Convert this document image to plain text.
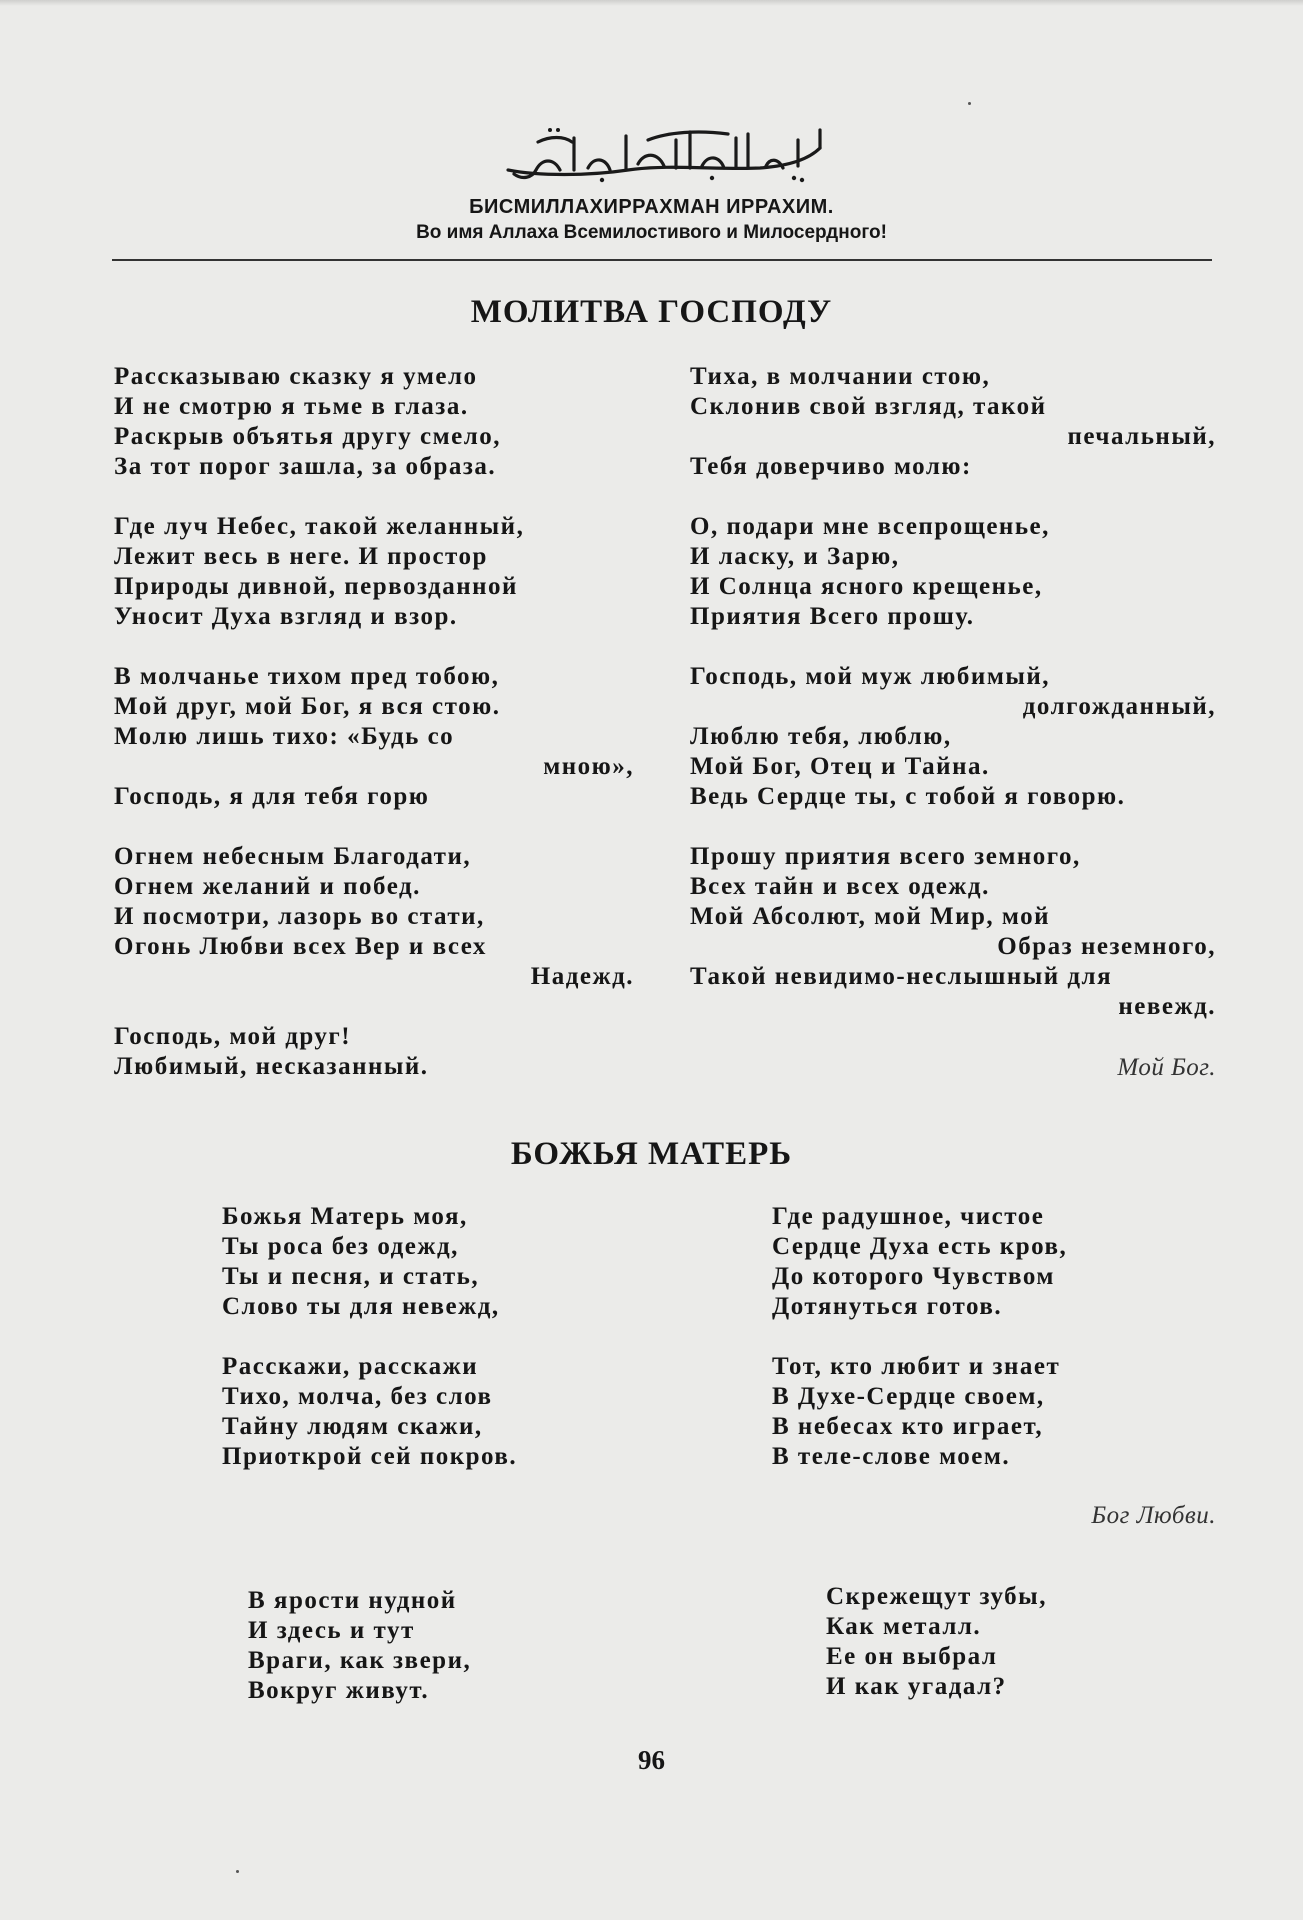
БИСМИЛЛАХИРРАХМАН ИРРАХИМ.
Во имя Аллаха Всемилостивого и Милосердного!
МОЛИТВА ГОСПОДУ
Рассказываю сказку я умело
И не смотрю я тьме в глаза.
Раскрыв объятья другу смело,
За тот порог зашла, за образа.
Где луч Небес, такой желанный,
Лежит весь в неге. И простор
Природы дивной, первозданной
Уносит Духа взгляд и взор.
В молчанье тихом пред тобою,
Мой друг, мой Бог, я вся стою.
Молю лишь тихо: «Будь со
мною»,
Господь, я для тебя горю
Огнем небесным Благодати,
Огнем желаний и побед.
И посмотри, лазорь во стати,
Огонь Любви всех Вер и всех
Надежд.
Господь, мой друг!
Любимый, несказанный.
Тиха, в молчании стою,
Склонив свой взгляд, такой
печальный,
Тебя доверчиво молю:
О, подари мне всепрощенье,
И ласку, и Зарю,
И Солнца ясного крещенье,
Приятия Всего прошу.
Господь, мой муж любимый,
долгожданный,
Люблю тебя, люблю,
Мой Бог, Отец и Тайна.
Ведь Сердце ты, с тобой я говорю.
Прошу приятия всего земного,
Всех тайн и всех одежд.
Мой Абсолют, мой Мир, мой
Образ неземного,
Такой невидимо-неслышный для
невежд.
Мой Бог.
БОЖЬЯ МАТЕРЬ
Божья Матерь моя,
Ты роса без одежд,
Ты и песня, и стать,
Слово ты для невежд,
Расскажи, расскажи
Тихо, молча, без слов
Тайну людям скажи,
Приоткрой сей покров.
Где радушное, чистое
Сердце Духа есть кров,
До которого Чувством
Дотянуться готов.
Тот, кто любит и знает
В Духе-Сердце своем,
В небесах кто играет,
В теле-слове моем.
Бог Любви.
В ярости нудной
И здесь и тут
Враги, как звери,
Вокруг живут.
Скрежещут зубы,
Как металл.
Ее он выбрал
И как угадал?
96
